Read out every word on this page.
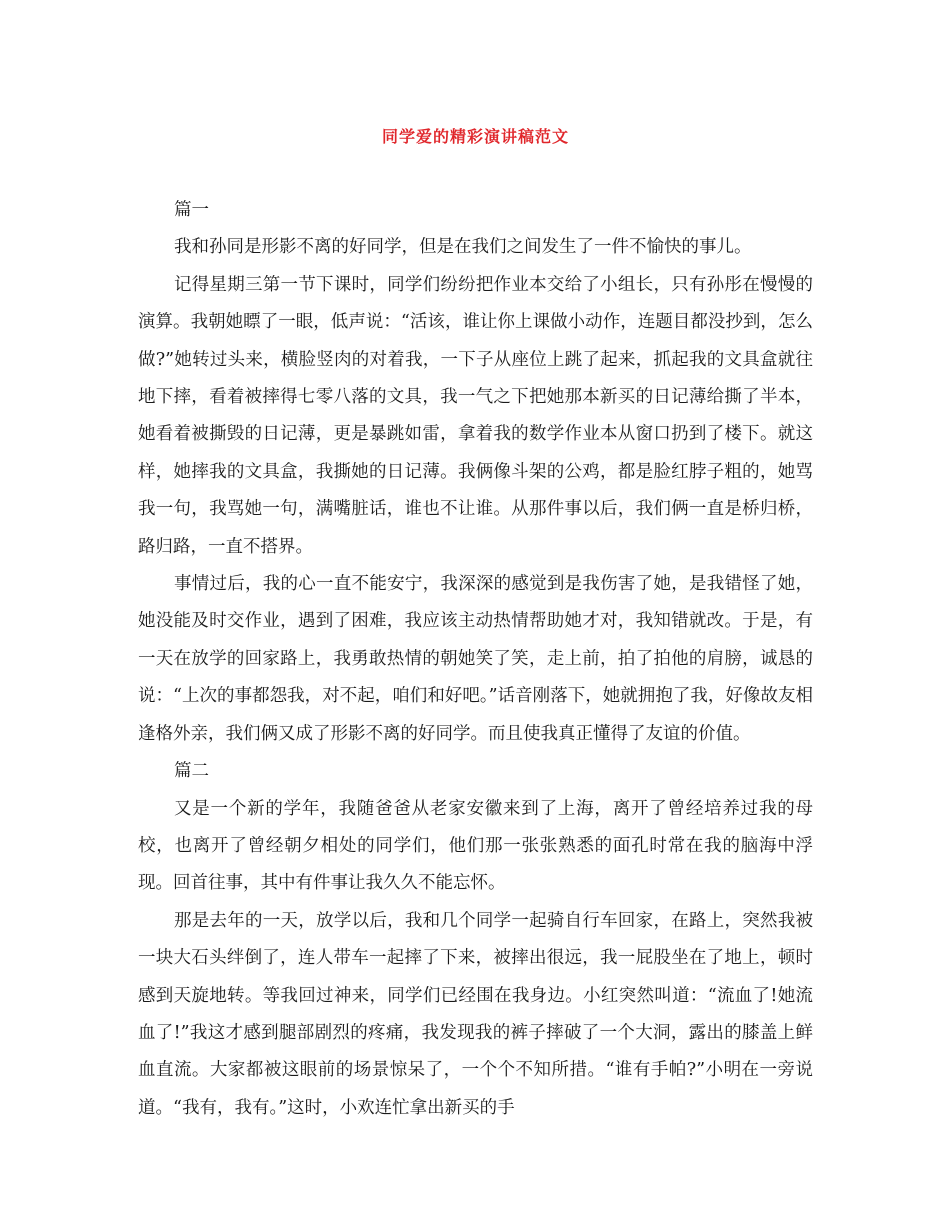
同学爱的精彩演讲稿范文

篇一

我和孙同是形影不离的好同学，但是在我们之间发生了一件不愉快的事儿。

记得星期三第一节下课时，同学们纷纷把作业本交给了小组长，只有孙彤在慢慢的演算。我朝她瞟了一眼，低声说：“活该，谁让你上课做小动作，连题目都没抄到，怎么做?”她转过头来，横脸竖肉的对着我，一下子从座位上跳了起来，抓起我的文具盒就往地下摔，看着被摔得七零八落的文具，我一气之下把她那本新买的日记薄给撕了半本，她看着被撕毁的日记薄，更是暴跳如雷，拿着我的数学作业本从窗口扔到了楼下。就这样，她摔我的文具盒，我撕她的日记薄。我俩像斗架的公鸡，都是脸红脖子粗的，她骂我一句，我骂她一句，满嘴脏话，谁也不让谁。从那件事以后，我们俩一直是桥归桥，路归路，一直不搭界。

事情过后，我的心一直不能安宁，我深深的感觉到是我伤害了她，是我错怪了她，她没能及时交作业，遇到了困难，我应该主动热情帮助她才对，我知错就改。于是，有一天在放学的回家路上，我勇敢热情的朝她笑了笑，走上前，拍了拍他的肩膀，诚恳的说：“上次的事都怨我，对不起，咱们和好吧。”话音刚落下，她就拥抱了我，好像故友相逢格外亲，我们俩又成了形影不离的好同学。而且使我真正懂得了友谊的价值。

篇二

又是一个新的学年，我随爸爸从老家安徽来到了上海，离开了曾经培养过我的母校，也离开了曾经朝夕相处的同学们，他们那一张张熟悉的面孔时常在我的脑海中浮现。回首往事，其中有件事让我久久不能忘怀。

那是去年的一天，放学以后，我和几个同学一起骑自行车回家，在路上，突然我被一块大石头绊倒了，连人带车一起摔了下来，被摔出很远，我一屁股坐在了地上，顿时感到天旋地转。等我回过神来，同学们已经围在我身边。小红突然叫道：“流血了!她流血了!”我这才感到腿部剧烈的疼痛，我发现我的裤子摔破了一个大洞，露出的膝盖上鲜血直流。大家都被这眼前的场景惊呆了，一个个不知所措。“谁有手帕?”小明在一旁说道。“我有，我有。”这时，小欢连忙拿出新买的手
